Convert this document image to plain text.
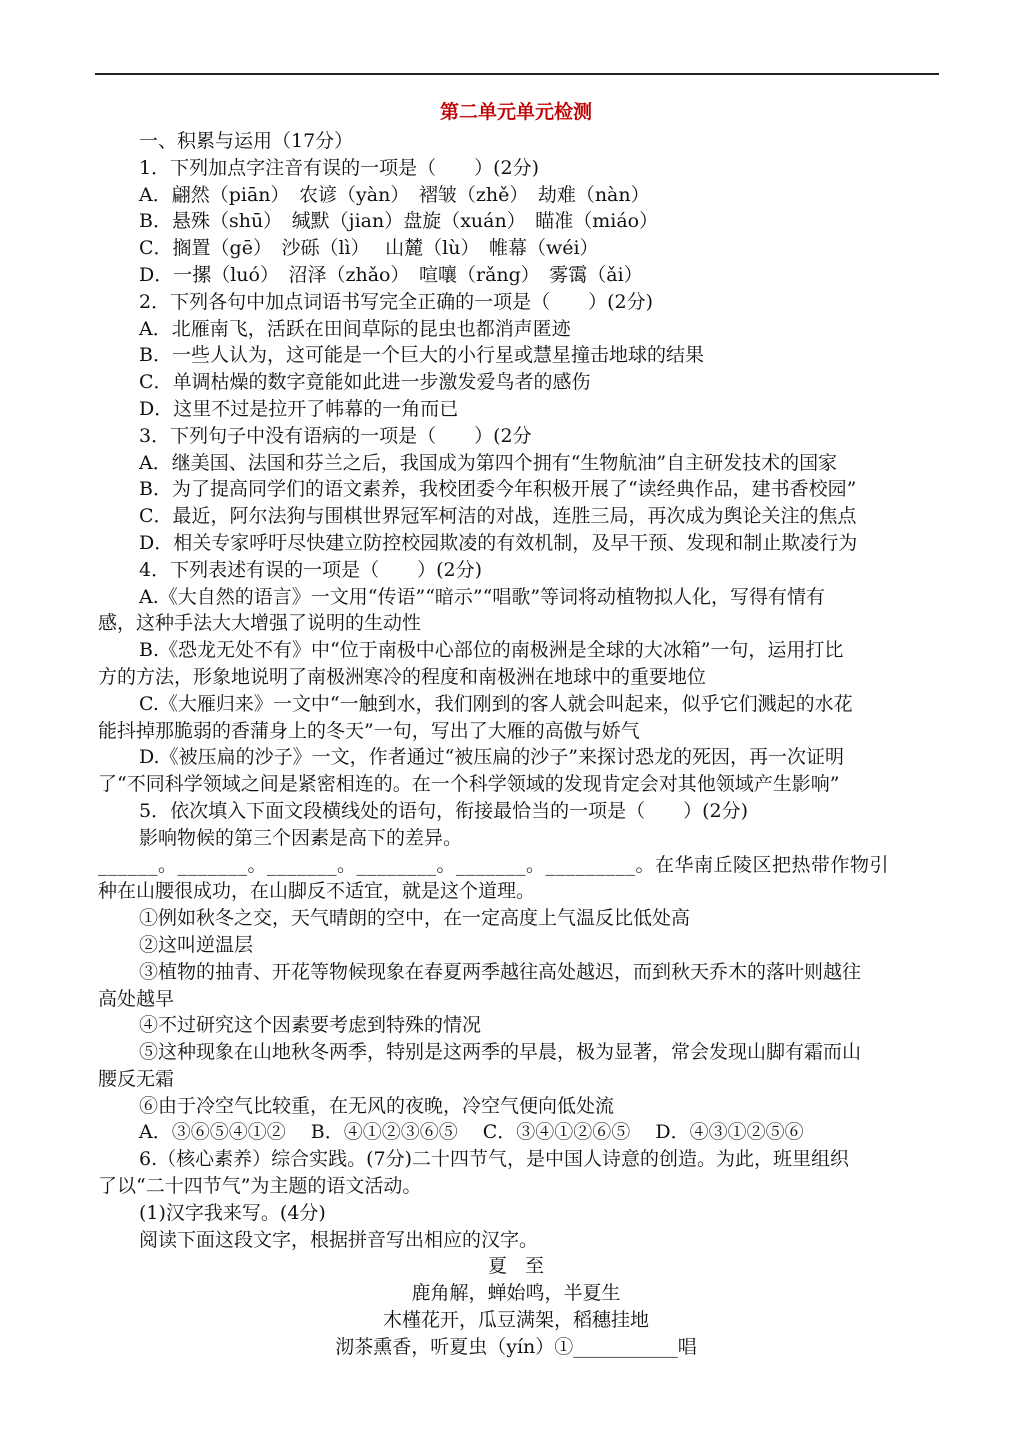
第二单元单元检测
一、积累与运用（17分）
1．下列加点字注音有误的一项是（　　）(2分)
A．翩然（piān）　农谚（yàn）　褶皱（zhě）　劫难（nàn）
B．悬殊（shū）　缄默（jian）盘旋（xuán）　瞄准（miáo）
C．搁置（gē）　沙砾（lì）　 山麓（lù）　帷幕（wéi）
D．一摞（luó）　沼泽（zhǎo）　喧嚷（rǎng）　雾霭（ǎi）
2．下列各句中加点词语书写完全正确的一项是（　　）(2分)
A．北雁南飞，活跃在田间草际的昆虫也都消声匿迹
B．一些人认为，这可能是一个巨大的小行星或慧星撞击地球的结果
C．单调枯燥的数字竟能如此进一步激发爱鸟者的感伤
D．这里不过是拉开了帏幕的一角而已
3．下列句子中没有语病的一项是（　　）(2分
A．继美国、法国和芬兰之后，我国成为第四个拥有“生物航油”自主研发技术的国家
B．为了提高同学们的语文素养，我校团委今年积极开展了“读经典作品，建书香校园”
C．最近，阿尔法狗与围棋世界冠军柯洁的对战，连胜三局，再次成为舆论关注的焦点
D．相关专家呼吁尽快建立防控校园欺凌的有效机制，及早干预、发现和制止欺凌行为
4．下列表述有误的一项是（　　）(2分)
A.《大自然的语言》一文用“传语”“暗示”“唱歌”等词将动植物拟人化，写得有情有
感，这种手法大大增强了说明的生动性
B.《恐龙无处不有》中“位于南极中心部位的南极洲是全球的大冰箱”一句，运用打比
方的方法，形象地说明了南极洲寒冷的程度和南极洲在地球中的重要地位
C.《大雁归来》一文中“一触到水，我们刚到的客人就会叫起来，似乎它们溅起的水花
能抖掉那脆弱的香蒲身上的冬天”一句，写出了大雁的高傲与娇气
D.《被压扁的沙子》一文，作者通过“被压扁的沙子”来探讨恐龙的死因，再一次证明
了“不同科学领域之间是紧密相连的。在一个科学领域的发现肯定会对其他领域产生影响”
5．依次填入下面文段横线处的语句，衔接最恰当的一项是（　　）(2分)
影响物候的第三个因素是高下的差异。
______。_______。_______。________。_______。_________。在华南丘陵区把热带作物引
种在山腰很成功，在山脚反不适宜，就是这个道理。
①例如秋冬之交，天气晴朗的空中，在一定高度上气温反比低处高
②这叫逆温层
③植物的抽青、开花等物候现象在春夏两季越往高处越迟，而到秋天乔木的落叶则越往
高处越早
④不过研究这个因素要考虑到特殊的情况
⑤这种现象在山地秋冬两季，特别是这两季的早晨，极为显著，常会发现山脚有霜而山
腰反无霜
⑥由于冷空气比较重，在无风的夜晚，冷空气便向低处流
A．③⑥⑤④①②　 B．④①②③⑥⑤　 C．③④①②⑥⑤　 D．④③①②⑤⑥
6.（核心素养）综合实践。(7分)二十四节气，是中国人诗意的创造。为此，班里组织
了以“二十四节气”为主题的语文活动。
(1)汉字我来写。(4分)
阅读下面这段文字，根据拼音写出相应的汉字。
夏至
鹿角解，蝉始鸣，半夏生
木槿花开，瓜豆满架，稻穗挂地
沏茶熏香，听夏虫（yín）①___________唱
